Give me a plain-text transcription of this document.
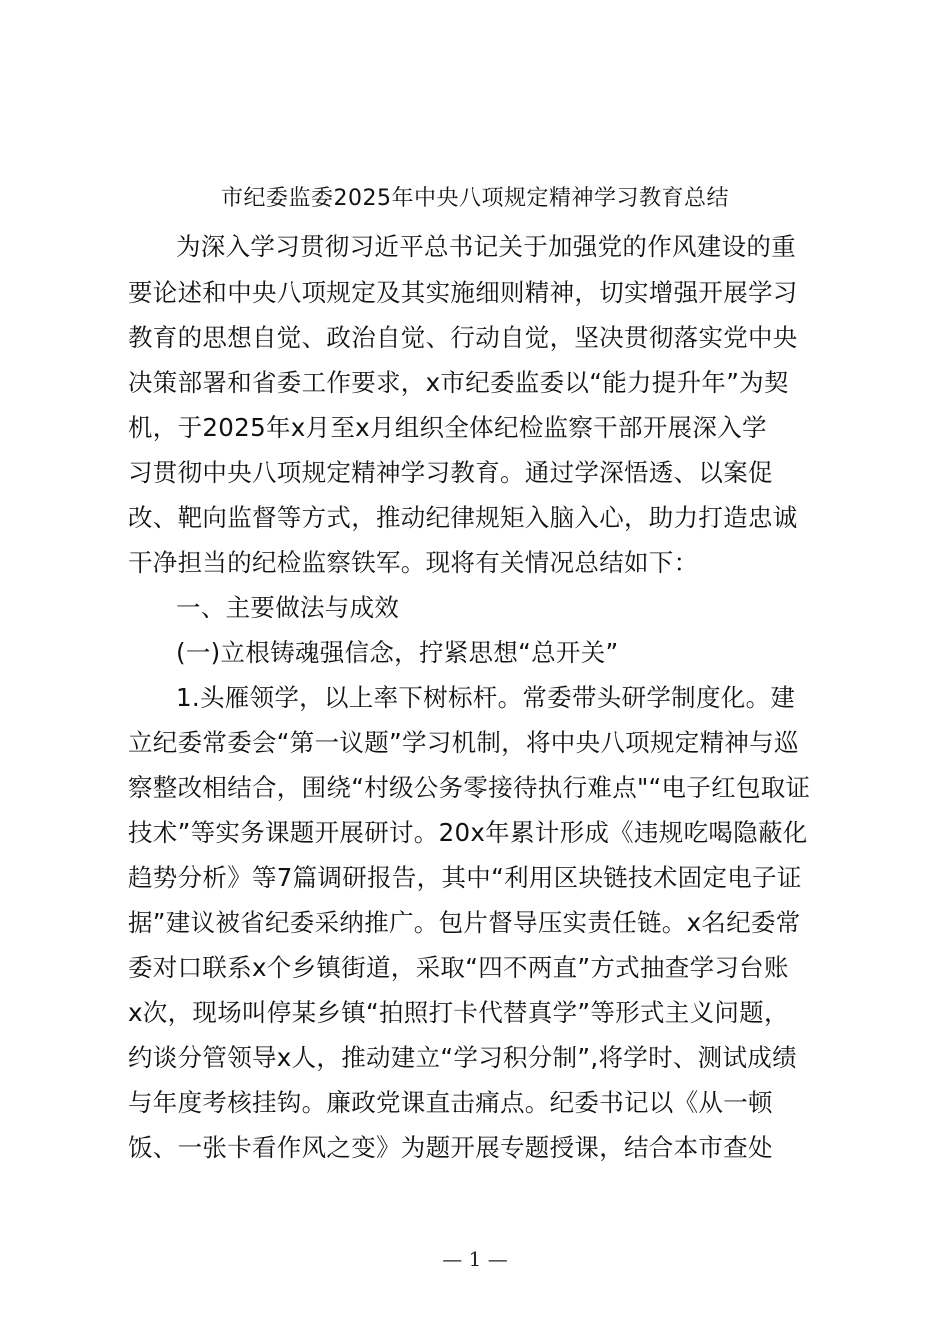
市纪委监委2025年中央八项规定精神学习教育总结
为深入学习贯彻习近平总书记关于加强党的作风建设的重
要论述和中央八项规定及其实施细则精神，切实增强开展学习
教育的思想自觉、政治自觉、行动自觉，坚决贯彻落实党中央
决策部署和省委工作要求，x市纪委监委以“能力提升年”为契
机，于2025年x月至x月组织全体纪检监察干部开展深入学
习贯彻中央八项规定精神学习教育。通过学深悟透、以案促
改、靶向监督等方式，推动纪律规矩入脑入心，助力打造忠诚
干净担当的纪检监察铁军。现将有关情况总结如下：
一、主要做法与成效
(一)立根铸魂强信念，拧紧思想“总开关”
1.头雁领学，以上率下树标杆。常委带头研学制度化。建
立纪委常委会“第一议题”学习机制，将中央八项规定精神与巡
察整改相结合，围绕“村级公务零接待执行难点"“电子红包取证
技术”等实务课题开展研讨。20x年累计形成《违规吃喝隐蔽化
趋势分析》等7篇调研报告，其中“利用区块链技术固定电子证
据”建议被省纪委采纳推广。包片督导压实责任链。x名纪委常
委对口联系x个乡镇街道，采取“四不两直”方式抽查学习台账
x次，现场叫停某乡镇“拍照打卡代替真学”等形式主义问题，
约谈分管领导x人，推动建立“学习积分制”,将学时、测试成绩
与年度考核挂钩。廉政党课直击痛点。纪委书记以《从一顿
饭、一张卡看作风之变》为题开展专题授课，结合本市查处
— 1 —
